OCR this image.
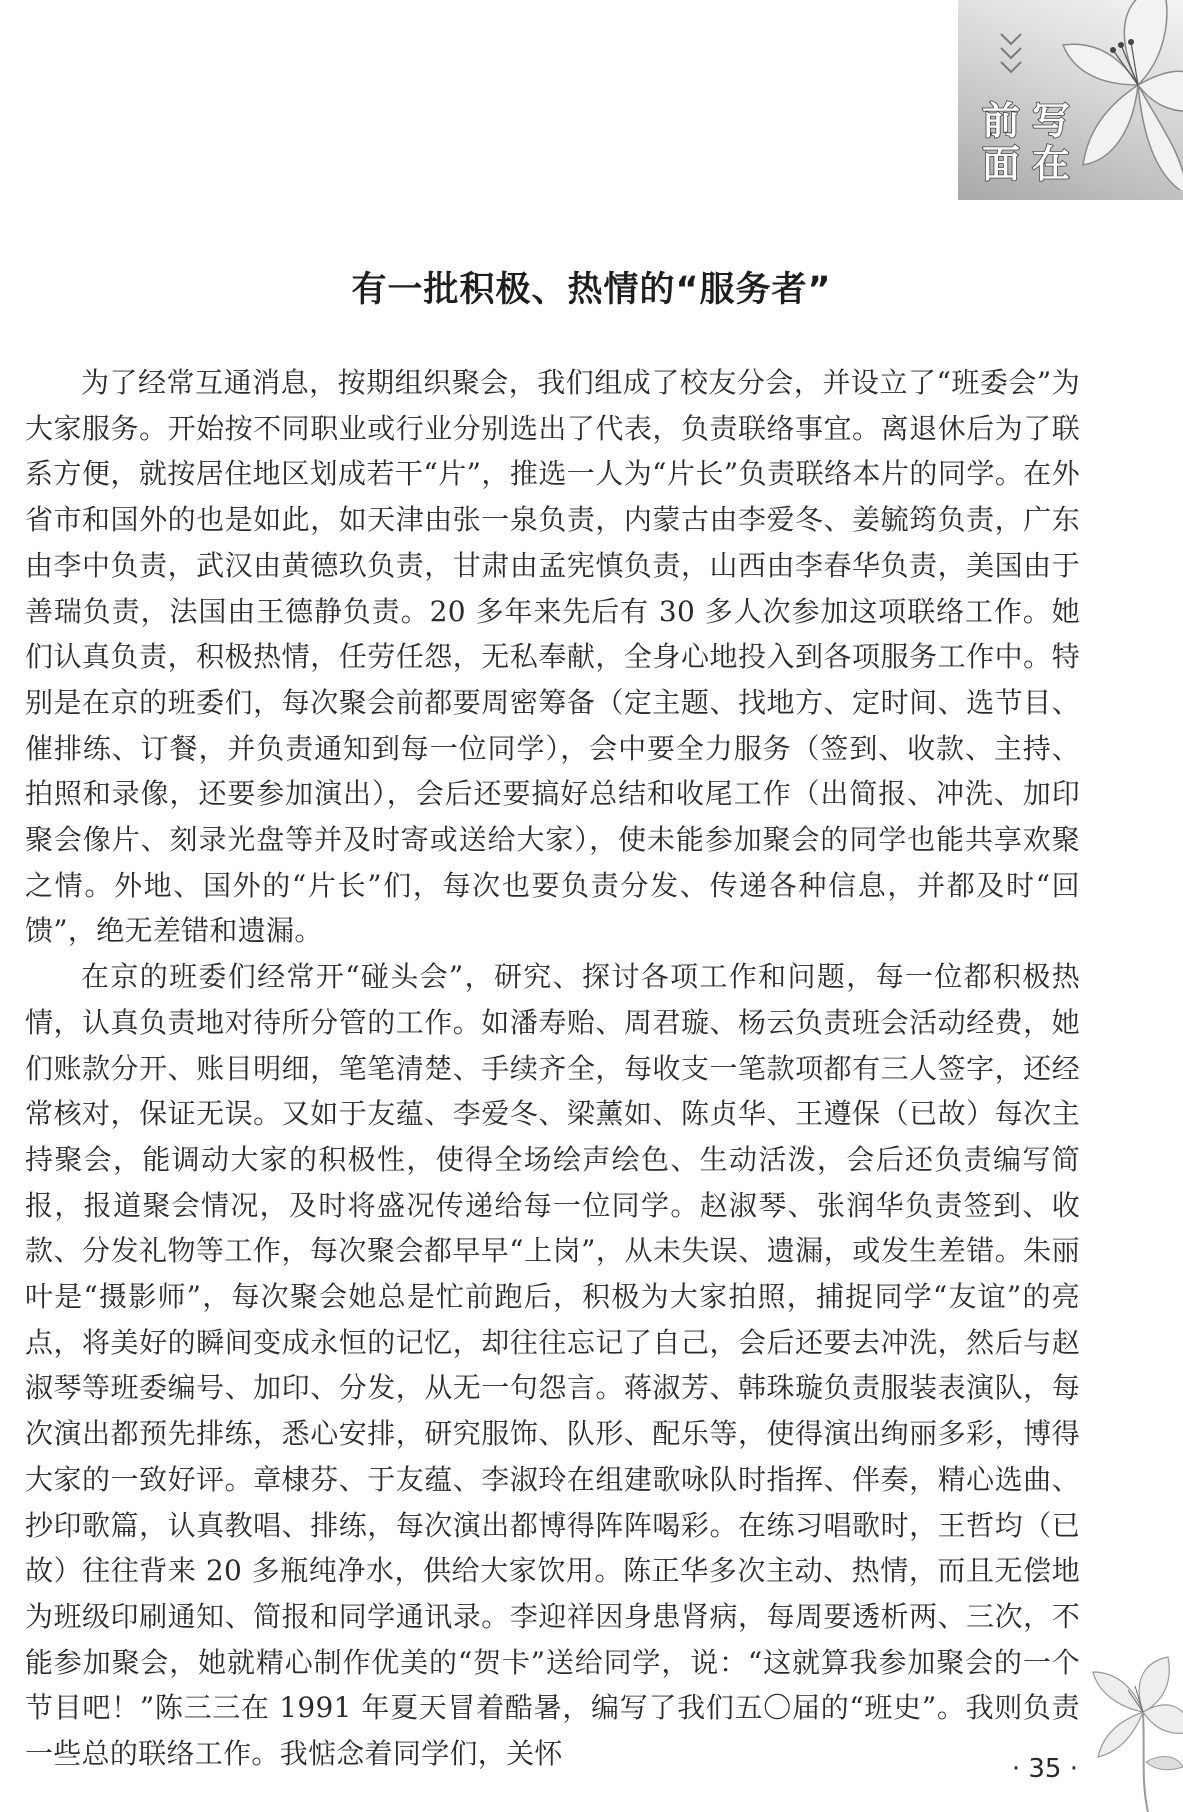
前 写
面 在
有一批积极、热情的“服务者”

为了经常互通消息，按期组织聚会，我们组成了校友分会，并设立了“班委会”为大家服务。开始按不同职业或行业分别选出了代表，负责联络事宜。离退休后为了联系方便，就按居住地区划成若干“片”，推选一人为“片长”负责联络本片的同学。在外省市和国外的也是如此，如天津由张一泉负责，内蒙古由李爱冬、姜毓筠负责，广东由李中负责，武汉由黄德玖负责，甘肃由孟宪慎负责，山西由李春华负责，美国由于善瑞负责，法国由王德静负责。20 多年来先后有 30 多人次参加这项联络工作。她们认真负责，积极热情，任劳任怨，无私奉献，全身心地投入到各项服务工作中。特别是在京的班委们，每次聚会前都要周密筹备（定主题、找地方、定时间、选节目、催排练、订餐，并负责通知到每一位同学），会中要全力服务（签到、收款、主持、拍照和录像，还要参加演出），会后还要搞好总结和收尾工作（出简报、冲洗、加印聚会像片、刻录光盘等并及时寄或送给大家），使未能参加聚会的同学也能共享欢聚之情。外地、国外的“片长”们，每次也要负责分发、传递各种信息，并都及时“回馈”，绝无差错和遗漏。

在京的班委们经常开“碰头会”，研究、探讨各项工作和问题，每一位都积极热情，认真负责地对待所分管的工作。如潘寿贻、周君璇、杨云负责班会活动经费，她们账款分开、账目明细，笔笔清楚、手续齐全，每收支一笔款项都有三人签字，还经常核对，保证无误。又如于友蕴、李爱冬、梁薰如、陈贞华、王遵保（已故）每次主持聚会，能调动大家的积极性，使得全场绘声绘色、生动活泼，会后还负责编写简报，报道聚会情况，及时将盛况传递给每一位同学。赵淑琴、张润华负责签到、收款、分发礼物等工作，每次聚会都早早“上岗”，从未失误、遗漏，或发生差错。朱丽叶是“摄影师”，每次聚会她总是忙前跑后，积极为大家拍照，捕捉同学“友谊”的亮点，将美好的瞬间变成永恒的记忆，却往往忘记了自己，会后还要去冲洗，然后与赵淑琴等班委编号、加印、分发，从无一句怨言。蒋淑芳、韩珠璇负责服装表演队，每次演出都预先排练，悉心安排，研究服饰、队形、配乐等，使得演出绚丽多彩，博得大家的一致好评。章棣芬、于友蕴、李淑玲在组建歌咏队时指挥、伴奏，精心选曲、抄印歌篇，认真教唱、排练，每次演出都博得阵阵喝彩。在练习唱歌时，王哲均（已故）往往背来 20 多瓶纯净水，供给大家饮用。陈正华多次主动、热情，而且无偿地为班级印刷通知、简报和同学通讯录。李迎祥因身患肾病，每周要透析两、三次，不能参加聚会，她就精心制作优美的“贺卡”送给同学，说：“这就算我参加聚会的一个节目吧！”陈三三在 1991 年夏天冒着酷暑，编写了我们五〇届的“班史”。我则负责一些总的联络工作。我惦念着同学们，关怀	· 35 ·
